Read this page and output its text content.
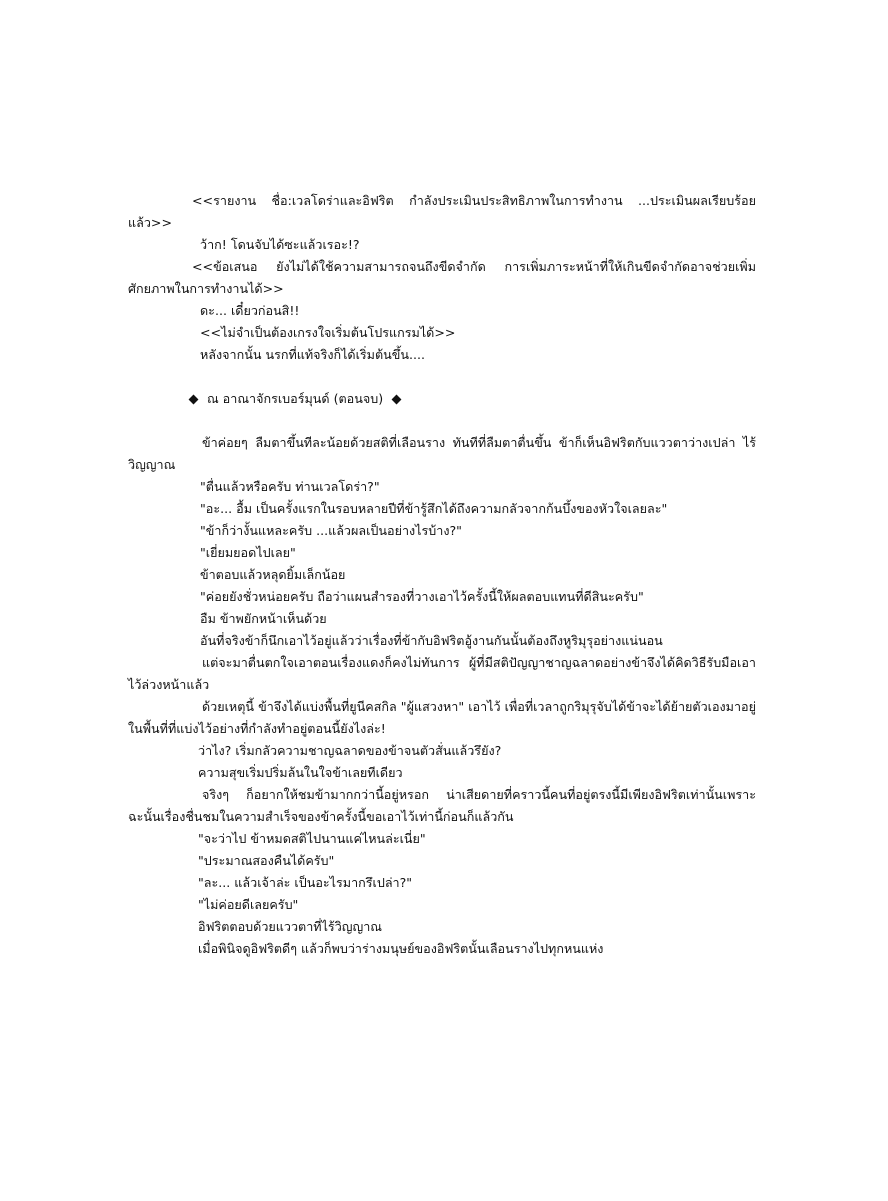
<<รายงาน ชื่อ:เวลโดร่าและอิฟริต กำลังประเมินประสิทธิภาพในการทำงาน ...ประเมินผลเรียบร้อยแล้ว>>

ว้าก! โดนจับได้ซะแล้วเรอะ!?

<<ข้อเสนอ ยังไม่ได้ใช้ความสามารถจนถึงขีดจำกัด การเพิ่มภาระหน้าที่ให้เกินขีดจำกัดอาจช่วยเพิ่มศักยภาพในการทำงานได้>>

ดะ... เดี๋ยวก่อนสิ!!

<<ไม่จำเป็นต้องเกรงใจเริ่มต้นโปรแกรมได้>>

หลังจากนั้น นรกที่แท้จริงก็ได้เริ่มต้นขึ้น....

ณ อาณาจักรเบอร์มุนด์ (ตอนจบ)

ข้าค่อยๆ ลืมตาขึ้นทีละน้อยด้วยสติที่เลือนราง ทันทีที่ลืมตาตื่นขึ้น ข้าก็เห็นอิฟริตกับแววตาว่างเปล่า ไร้วิญญาณ

"ตื่นแล้วหรือครับ ท่านเวลโดร่า?"

"อะ... อื้ม เป็นครั้งแรกในรอบหลายปีที่ข้ารู้สึกได้ถึงความกลัวจากก้นบึ้งของหัวใจเลยละ"

"ข้าก็ว่างั้นแหละครับ ...แล้วผลเป็นอย่างไรบ้าง?"

"เยี่ยมยอดไปเลย"

ข้าตอบแล้วหลุดยิ้มเล็กน้อย

"ค่อยยังชั่วหน่อยครับ ถือว่าแผนสำรองที่วางเอาไว้ครั้งนี้ให้ผลตอบแทนที่ดีสินะครับ"

อืม ข้าพยักหน้าเห็นด้วย

อันที่จริงข้าก็นึกเอาไว้อยู่แล้วว่าเรื่องที่ข้ากับอิฟริตอู้งานกันนั้นต้องถึงหูริมุรุอย่างแน่นอน

แต่จะมาตื่นตกใจเอาตอนเรื่องแดงก็คงไม่ทันการ ผู้ที่มีสติปัญญาชาญฉลาดอย่างข้าจึงได้คิดวิธีรับมือเอาไว้ล่วงหน้าแล้ว

ด้วยเหตุนี้ ข้าจึงได้แบ่งพื้นที่ยูนีคสกิล "ผู้แสวงหา" เอาไว้ เพื่อที่เวลาถูกริมุรุจับได้ข้าจะได้ย้ายตัวเองมาอยู่ในพื้นที่ที่แบ่งไว้อย่างที่กำลังทำอยู่ตอนนี้ยังไงล่ะ!

ว่าไง? เริ่มกลัวความชาญฉลาดของข้าจนตัวสั่นแล้วรึยัง?

ความสุขเริ่มปริ่มล้นในใจข้าเลยทีเดียว

จริงๆ ก็อยากให้ชมข้ามากกว่านี้อยู่หรอก น่าเสียดายที่คราวนี้คนที่อยู่ตรงนี้มีเพียงอิฟริตเท่านั้นเพราะฉะนั้นเรื่องชื่นชมในความสำเร็จของข้าครั้งนี้ขอเอาไว้เท่านี้ก่อนก็แล้วกัน

"จะว่าไป ข้าหมดสติไปนานแค่ไหนล่ะเนี่ย"

"ประมาณสองคืนได้ครับ"

"ละ... แล้วเจ้าล่ะ เป็นอะไรมากรึเปล่า?"

"ไม่ค่อยดีเลยครับ"

อิฟริตตอบด้วยแววตาที่ไร้วิญญาณ

เมื่อพินิจดูอิฟริตดีๆ แล้วก็พบว่าร่างมนุษย์ของอิฟริตนั้นเลือนรางไปทุกหนแห่ง
